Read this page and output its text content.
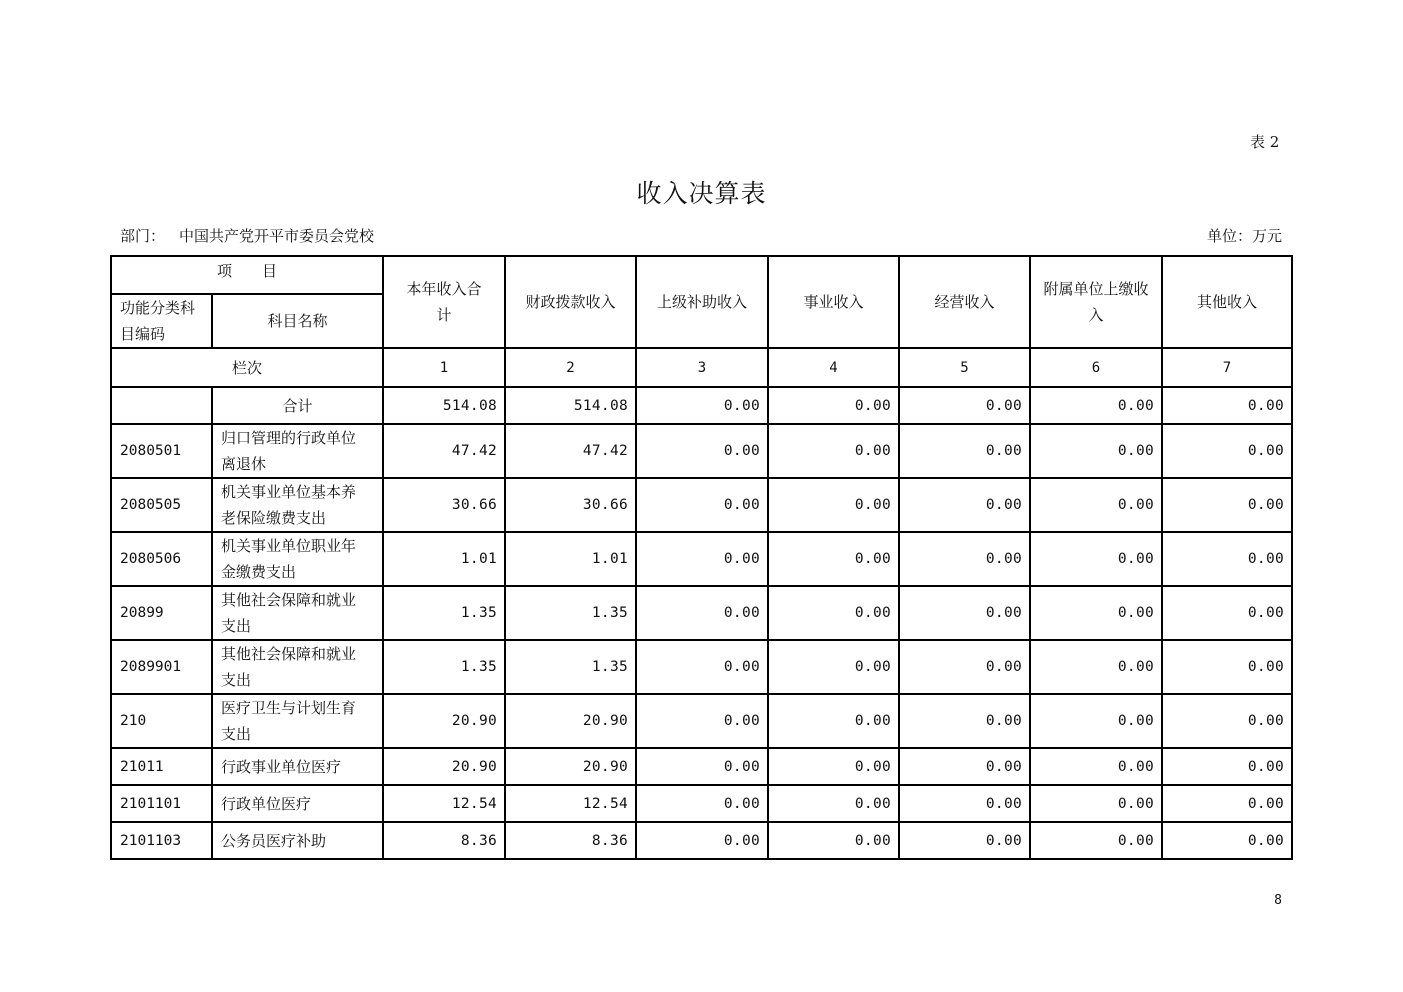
表 2
收入决算表
部门： 中国共产党开平市委员会党校	单位：万元
项　　目		本年收入合计	财政拨款收入	上级补助收入	事业收入	经营收入	附属单位上缴收入	其他收入
功能分类科目编码	科目名称							
栏次		1	2	3	4	5	6	7
	合计	514.08	514.08	0.00	0.00	0.00	0.00	0.00
2080501	归口管理的行政单位离退休	47.42	47.42	0.00	0.00	0.00	0.00	0.00
2080505	机关事业单位基本养老保险缴费支出	30.66	30.66	0.00	0.00	0.00	0.00	0.00
2080506	机关事业单位职业年金缴费支出	1.01	1.01	0.00	0.00	0.00	0.00	0.00
20899	其他社会保障和就业支出	1.35	1.35	0.00	0.00	0.00	0.00	0.00
2089901	其他社会保障和就业支出	1.35	1.35	0.00	0.00	0.00	0.00	0.00
210	医疗卫生与计划生育支出	20.90	20.90	0.00	0.00	0.00	0.00	0.00
21011	行政事业单位医疗	20.90	20.90	0.00	0.00	0.00	0.00	0.00
2101101	行政单位医疗	12.54	12.54	0.00	0.00	0.00	0.00	0.00
2101103	公务员医疗补助	8.36	8.36	0.00	0.00	0.00	0.00	0.00
8
